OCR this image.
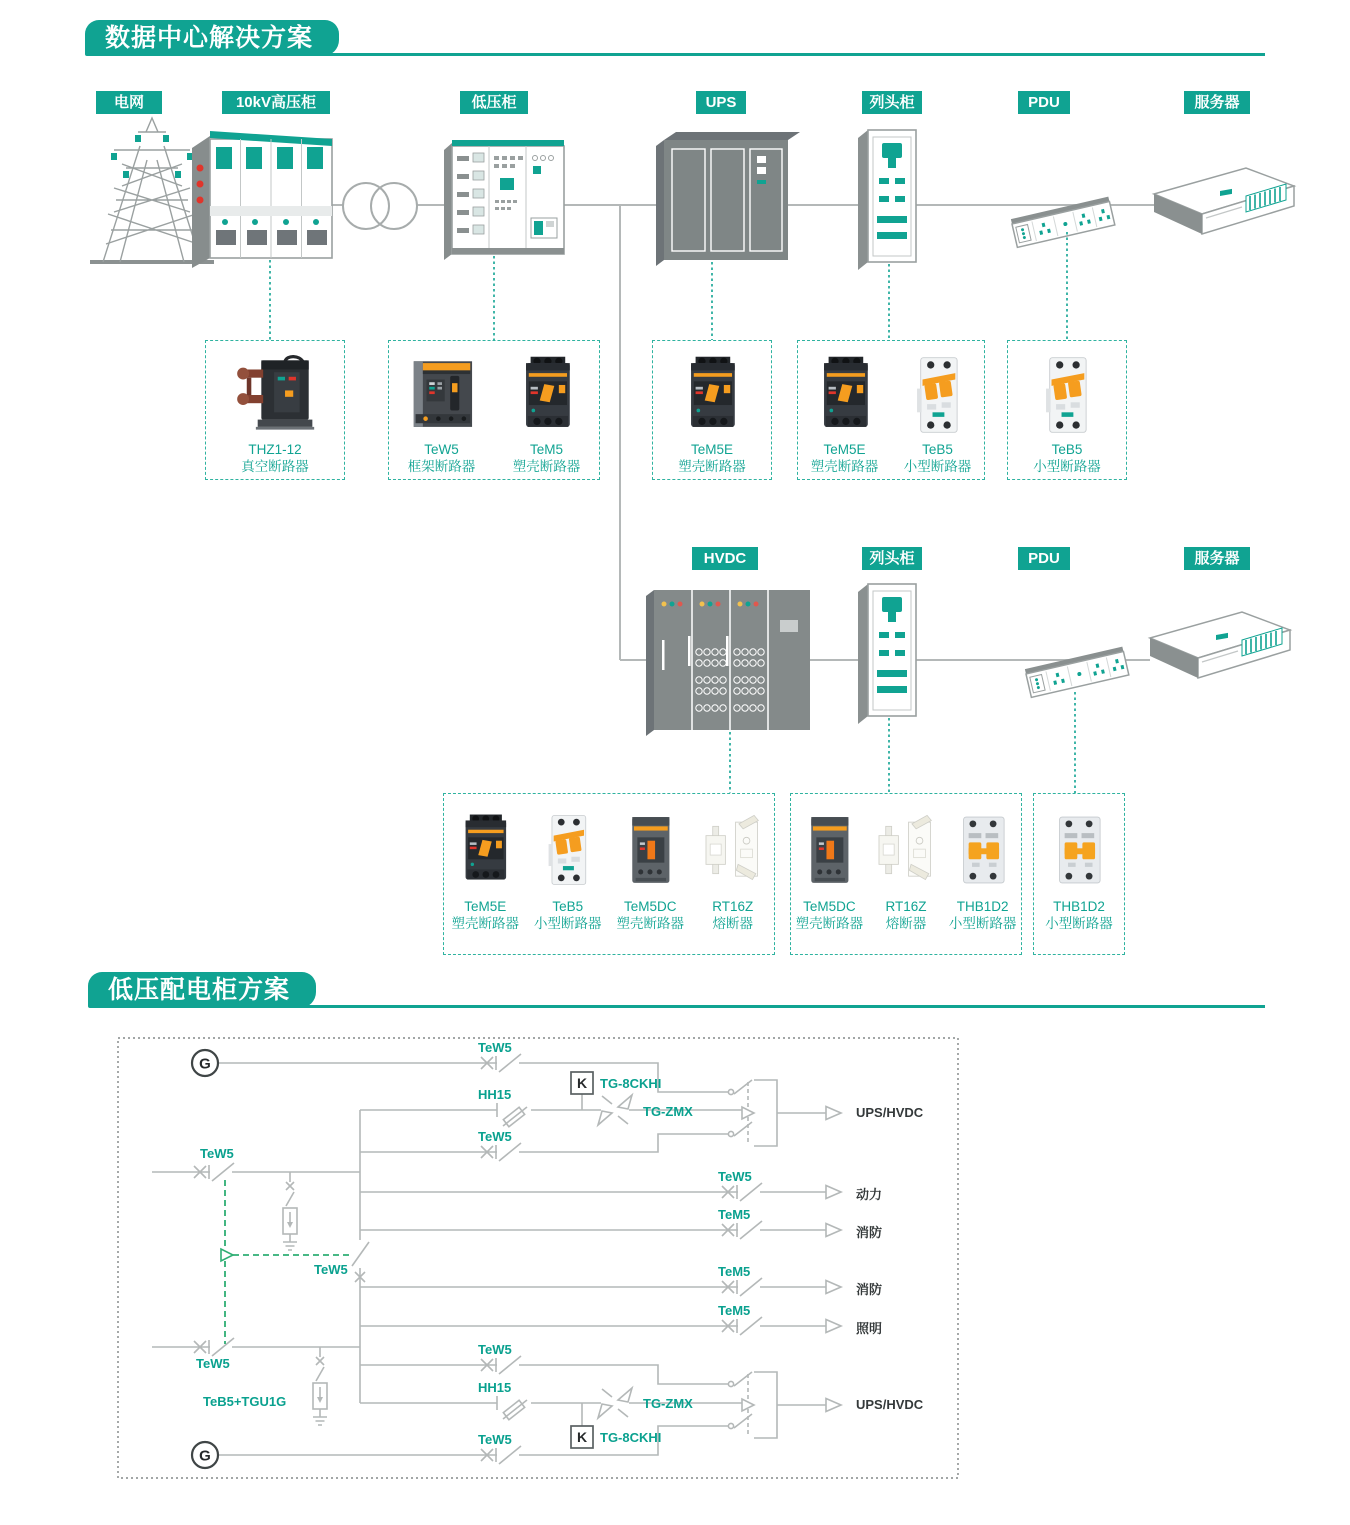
G
G
K
K
数据中心解决方案
低压配电柜方案
电网	10kV高压柜	低压柜	UPS	列头柜	PDU	服务器
HVDC	列头柜	PDU	服务器
THZ1-12
真空断路器
TeW5
框架断路器
TeM5
塑壳断路器
TeM5E
塑壳断路器
TeM5E
塑壳断路器
TeB5
小型断路器
TeB5
小型断路器
TeM5E
塑壳断路器
TeB5
小型断路器
TeM5DC
塑壳断路器
RT16Z
熔断器
TeM5DC
塑壳断路器
RT16Z
熔断器
THB1D2
小型断路器
THB1D2
小型断路器
TeW5
HH15
TG-8CKHI
TG-ZMX
TeW5
TeW5
TeW5
TeM5
TeW5	TeM5
TeM5
TeW5
TeB5+TGU1G
TeW5
HH15
TG-ZMX
TG-8CKHI
TeW5
UPS/HVDC
动力
消防
消防
照明
UPS/HVDC
